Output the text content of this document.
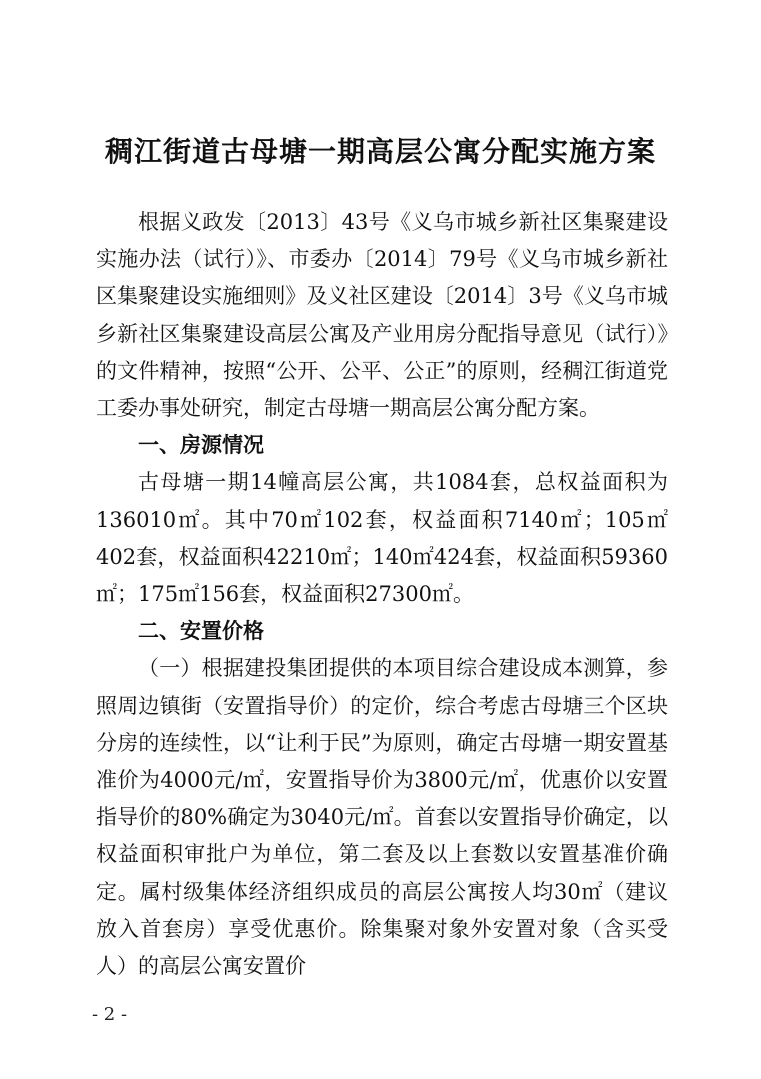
稠江街道古母塘一期高层公寓分配实施方案

根据义政发〔2013〕43号《义乌市城乡新社区集聚建设实施办法（试行）》、市委办〔2014〕79号《义乌市城乡新社区集聚建设实施细则》及义社区建设〔2014〕3号《义乌市城乡新社区集聚建设高层公寓及产业用房分配指导意见（试行）》的文件精神，按照“公开、公平、公正”的原则，经稠江街道党工委办事处研究，制定古母塘一期高层公寓分配方案。

一、房源情况

古母塘一期14幢高层公寓，共1084套，总权益面积为136010㎡。其中70㎡102套，权益面积7140㎡；105㎡402套，权益面积42210㎡；140㎡424套，权益面积59360㎡；175㎡156套，权益面积27300㎡。

二、安置价格

（一）根据建投集团提供的本项目综合建设成本测算，参照周边镇街（安置指导价）的定价，综合考虑古母塘三个区块分房的连续性，以“让利于民”为原则，确定古母塘一期安置基准价为4000元/㎡，安置指导价为3800元/㎡，优惠价以安置指导价的80%确定为3040元/㎡。首套以安置指导价确定，以权益面积审批户为单位，第二套及以上套数以安置基准价确定。属村级集体经济组织成员的高层公寓按人均30㎡（建议放入首套房）享受优惠价。除集聚对象外安置对象（含买受人）的高层公寓安置价

- 2 -
